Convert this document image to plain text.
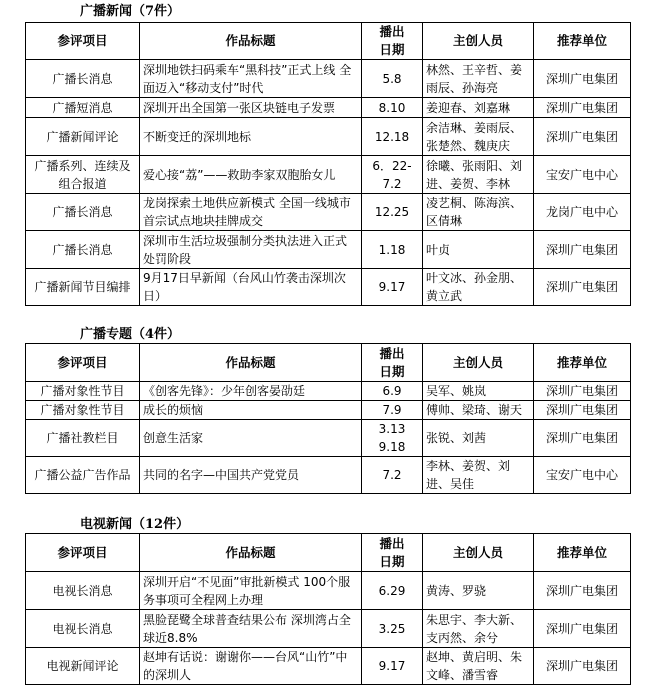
广播新闻（7件）
参评项目	作品标题	播出日期	主创人员	推荐单位
广播长消息	深圳地铁扫码乘车“黑科技”正式上线 全面迈入“移动支付”时代	5.8	林然、王辛哲、姜雨辰、孙海亮	深圳广电集团
广播短消息	深圳开出全国第一张区块链电子发票	8.10	姜迎春、刘嘉琳	深圳广电集团
广播新闻评论	不断变迁的深圳地标	12.18	余洁琳、姜雨辰、张楚然、魏庚庆	深圳广电集团
广播系列、连续及组合报道	爱心接“荔”——救助李家双胞胎女儿	6．22-7.2	徐曦、张雨阳、刘进、姜贺、李林	宝安广电中心
广播长消息	龙岗探索土地供应新模式 全国一线城市首宗试点地块挂牌成交	12.25	凌艺桐、陈海滨、区倩琳	龙岗广电中心
广播长消息	深圳市生活垃圾强制分类执法进入正式处罚阶段	1.18	叶贞	深圳广电集团
广播新闻节目编排	9月17日早新闻（台风山竹袭击深圳次日）	9.17	叶文冰、孙金朋、黄立武	深圳广电集团
广播专题（4件）
参评项目	作品标题	播出日期	主创人员	推荐单位
广播对象性节目	《创客先锋》：少年创客晏劭廷	6.9	吴军、姚岚	深圳广电集团
广播对象性节目	成长的烦恼	7.9	傅帅、梁琦、谢天	深圳广电集团
广播社教栏目	创意生活家	3.13 9.18	张锐、刘茜	深圳广电集团
广播公益广告作品	共同的名字—中国共产党党员	7.2	李林、姜贺、刘进、吴佳	宝安广电中心
电视新闻（12件）
参评项目	作品标题	播出日期	主创人员	推荐单位
电视长消息	深圳开启“不见面”审批新模式 100个服务事项可全程网上办理	6.29	黄涛、罗骁	深圳广电集团
电视长消息	黑脸琵鹭全球普查结果公布 深圳湾占全球近8.8%	3.25	朱思宇、李大新、支丙然、余兮	深圳广电集团
电视新闻评论	赵坤有话说：谢谢你——台风“山竹”中的深圳人	9.17	赵坤、黄启明、朱文峰、潘雪睿	深圳广电集团
